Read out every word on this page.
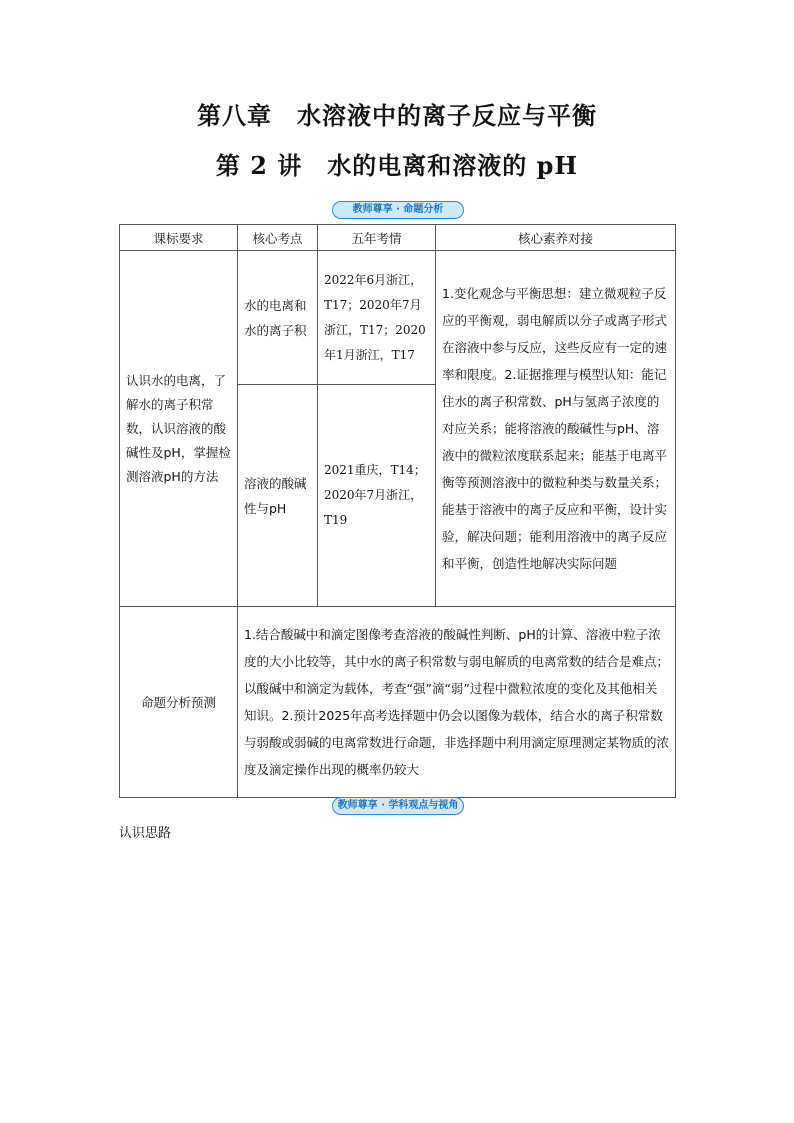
第八章　水溶液中的离子反应与平衡
第 2 讲　水的电离和溶液的 pH
教师尊享 · 命题分析
课标要求	核心考点	五年考情	核心素养对接

认识水的电离，了解水的离子积常数，认识溶液的酸碱性及pH，掌握检测溶液pH的方法	水的电离和水的离子积	2022年6月浙江，T17；2020年7月浙江，T17；2020年1月浙江，T17	1.变化观念与平衡思想：建立微观粒子反应的平衡观，弱电解质以分子或离子形式在溶液中参与反应，这些反应有一定的速率和限度。2.证据推理与模型认知：能记住水的离子积常数、pH与氢离子浓度的对应关系；能将溶液的酸碱性与pH、溶液中的微粒浓度联系起来；能基于电离平衡等预测溶液中的微粒种类与数量关系；能基于溶液中的离子反应和平衡，设计实验，解决问题；能利用溶液中的离子反应和平衡，创造性地解决实际问题

	溶液的酸碱性与pH	2021重庆，T14；2020年7月浙江，T19	

命题分析预测	1.结合酸碱中和滴定图像考查溶液的酸碱性判断、pH的计算、溶液中粒子浓度的大小比较等，其中水的离子积常数与弱电解质的电离常数的结合是难点；以酸碱中和滴定为载体，考查“强”滴“弱”过程中微粒浓度的变化及其他相关知识。2.预计2025年高考选择题中仍会以图像为载体，结合水的离子积常数与弱酸或弱碱的电离常数进行命题，非选择题中利用滴定原理测定某物质的浓度及滴定操作出现的概率仍较大		
教师尊享 · 学科观点与视角
认识思路
